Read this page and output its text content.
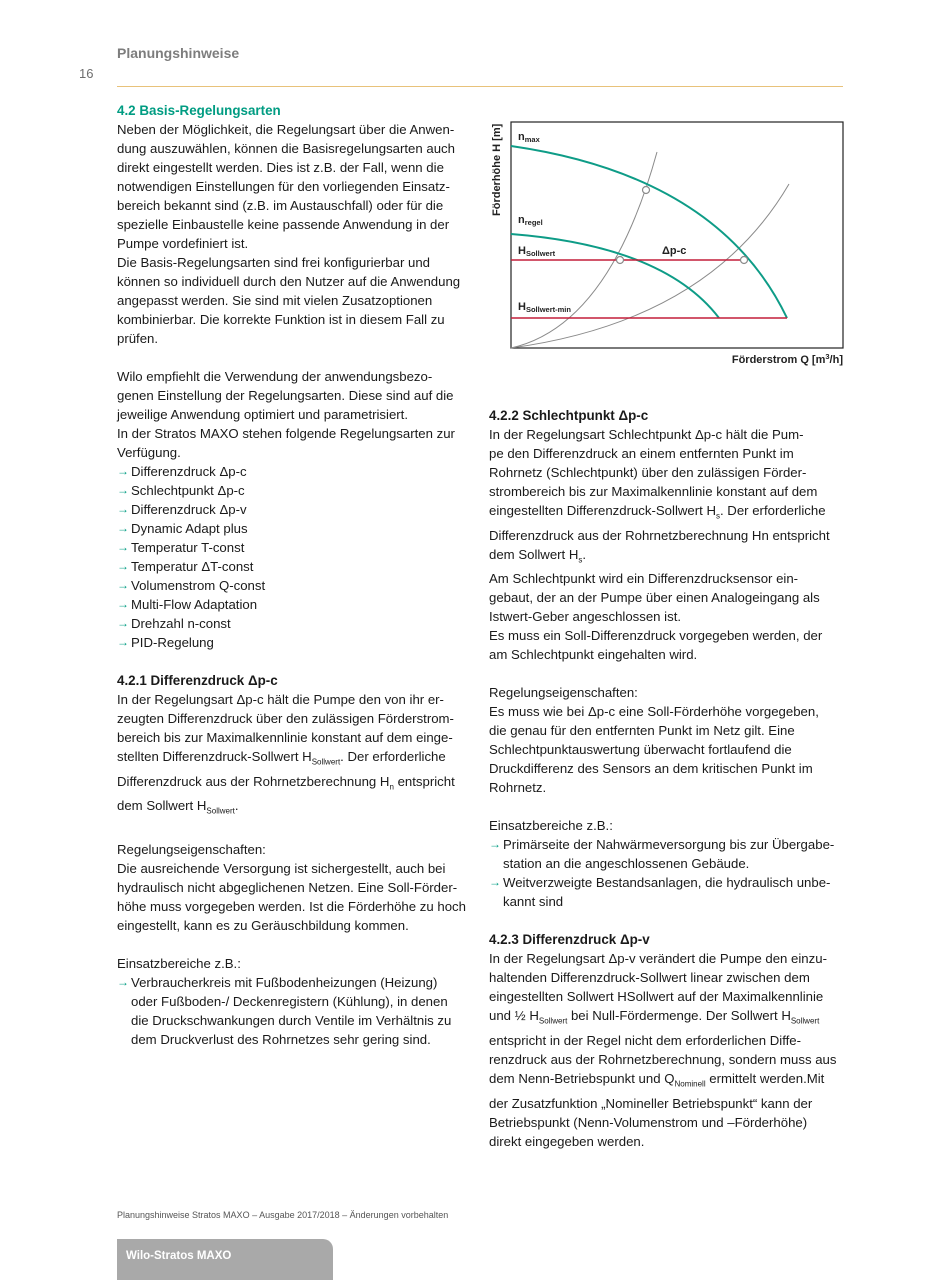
16
Planungshinweise
4.2 Basis-Regelungsarten
Neben der Möglichkeit, die Regelungsart über die Anwen-
dung auszuwählen, können die Basisregelungsarten auch
direkt eingestellt werden. Dies ist z.B. der Fall, wenn die
notwendigen Einstellungen für den vorliegenden Einsatz-
bereich bekannt sind (z.B. im Austauschfall) oder für die
spezielle Einbaustelle keine passende Anwendung in der
Pumpe vordefiniert ist.
Die Basis-Regelungsarten sind frei konfigurierbar und
können so individuell durch den Nutzer auf die Anwendung
angepasst werden. Sie sind mit vielen Zusatzoptionen
kombinierbar. Die korrekte Funktion ist in diesem Fall zu
prüfen.
Wilo empfiehlt die Verwendung der anwendungsbezo-
genen Einstellung der Regelungsarten. Diese sind auf die
jeweilige Anwendung optimiert und parametrisiert.
In der Stratos MAXO stehen folgende Regelungsarten zur
Verfügung.
→ Differenzdruck Δp-c
→ Schlechtpunkt Δp-c
→ Differenzdruck Δp-v
→ Dynamic Adapt plus
→ Temperatur T-const
→ Temperatur ΔT-const
→ Volumenstrom Q-const
→ Multi-Flow Adaptation
→ Drehzahl n-const
→ PID-Regelung
4.2.1 Differenzdruck Δp-c
In der Regelungsart Δp-c hält die Pumpe den von ihr er-
zeugten Differenzdruck über den zulässigen Förderstrom-
bereich bis zur Maximalkennlinie konstant auf dem einge-
stellten Differenzdruck-Sollwert $H_{Sollwert}$. Der erforderliche
Differenzdruck aus der Rohrnetzberechnung $H_n$ entspricht
dem Sollwert $H_{Sollwert}$.
Regelungseigenschaften:
Die ausreichende Versorgung ist sichergestellt, auch bei
hydraulisch nicht abgeglichenen Netzen. Eine Soll-Förder-
höhe muss vorgegeben werden. Ist die Förderhöhe zu hoch
eingestellt, kann es zu Geräuschbildung kommen.
Einsatzbereiche z.B.:
→ Verbraucherkreis mit Fußbodenheizungen (Heizung)
oder Fußboden-/ Deckenregistern (Kühlung), in denen
die Druckschwankungen durch Ventile im Verhältnis zu
dem Druckverlust des Rohrnetzes sehr gering sind.
Förderhöhe H [m] nmax
nregel
HSollwert
HSollwert-min
Δp-c
Förderstrom Q $[m^3/h]$
4.2.2 Schlechtpunkt Δp-c
In der Regelungsart Schlechtpunkt Δp-c hält die Pum-
pe den Differenzdruck an einem entfernten Punkt im
Rohrnetz (Schlechtpunkt) über den zulässigen Förder-
strombereich bis zur Maximalkennlinie konstant auf dem
eingestellten Differenzdruck-Sollwert $H_s$. Der erforderliche
Differenzdruck aus der Rohrnetzberechnung Hn entspricht
dem Sollwert $H_s$.
Am Schlechtpunkt wird ein Differenzdrucksensor ein-
gebaut, der an der Pumpe über einen Analogeingang als
Istwert-Geber angeschlossen ist.
Es muss ein Soll-Differenzdruck vorgegeben werden, der
am Schlechtpunkt eingehalten wird.
Regelungseigenschaften:
Es muss wie bei Δp-c eine Soll-Förderhöhe vorgegeben,
die genau für den entfernten Punkt im Netz gilt. Eine
Schlechtpunktauswertung überwacht fortlaufend die
Druckdifferenz des Sensors an dem kritischen Punkt im
Rohrnetz.
Einsatzbereiche z.B.:
→ Primärseite der Nahwärmeversorgung bis zur Übergabe-
station an die angeschlossenen Gebäude.
→ Weitverzweigte Bestandsanlagen, die hydraulisch unbe-
kannt sind
4.2.3 Differenzdruck Δp-v
In der Regelungsart Δp-v verändert die Pumpe den einzu-
haltenden Differenzdruck-Sollwert linear zwischen dem
eingestellten Sollwert HSollwert auf der Maximalkennlinie
und ½ $H_{Sollwert}$ bei Null-Fördermenge. Der Sollwert $H_{Sollwert}$
entspricht in der Regel nicht dem erforderlichen Diffe-
renzdruck aus der Rohrnetzberechnung, sondern muss aus
dem Nenn-Betriebspunkt und $Q_{Nominell}$ ermittelt werden.Mit
der Zusatzfunktion „Nomineller Betriebspunkt“ kann der
Betriebspunkt (Nenn-Volumenstrom und –Förderhöhe)
direkt eingegeben werden.
Planungshinweise Stratos MAXO – Ausgabe 2017/2018 – Änderungen vorbehalten
Wilo-Stratos MAXO
